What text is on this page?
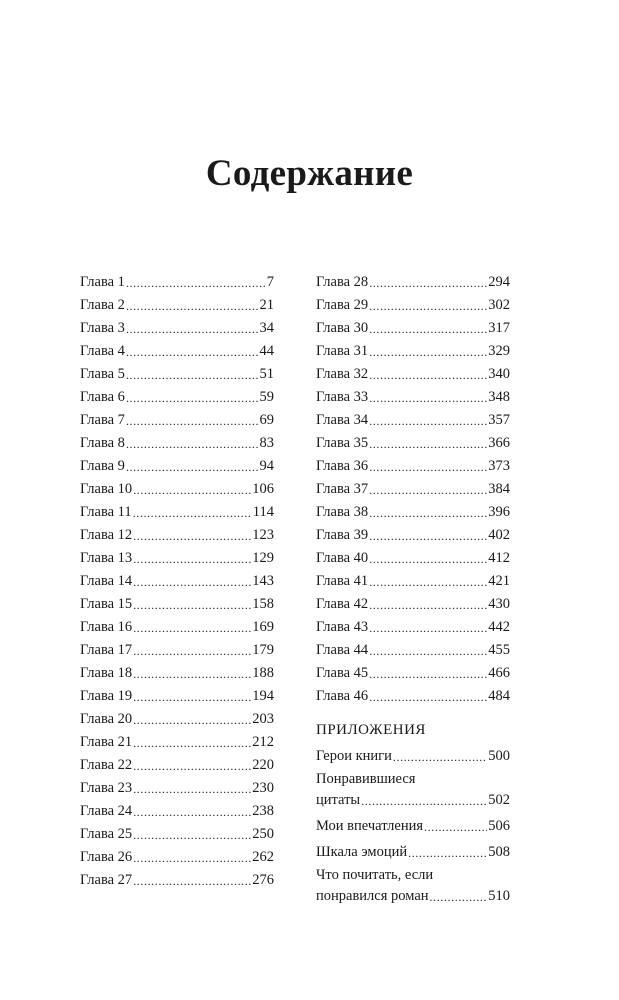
Содержание
Глава 1 .....	7
Глава 2 .....	21
Глава 3 .....	34
Глава 4 .....	44
Глава 5 .....	51
Глава 6 .....	59
Глава 7 .....	69
Глава 8 .....	83
Глава 9 .....	94
Глава 10 .....	106
Глава 11 .....	114
Глава 12 .....	123
Глава 13 .....	129
Глава 14 .....	143
Глава 15 .....	158
Глава 16 .....	169
Глава 17 .....	179
Глава 18 .....	188
Глава 19 .....	194
Глава 20 .....	203
Глава 21 .....	212
Глава 22 .....	220
Глава 23 .....	230
Глава 24 .....	238
Глава 25 .....	250
Глава 26 .....	262
Глава 27 .....	276
Глава 28 .....	294
Глава 29 .....	302
Глава 30 .....	317
Глава 31 .....	329
Глава 32 .....	340
Глава 33 .....	348
Глава 34 .....	357
Глава 35 .....	366
Глава 36 .....	373
Глава 37 .....	384
Глава 38 .....	396
Глава 39 .....	402
Глава 40 .....	412
Глава 41 .....	421
Глава 42 .....	430
Глава 43 .....	442
Глава 44 .....	455
Глава 45 .....	466
Глава 46 .....	484
ПРИЛОЖЕНИЯ
Герои книги .....	500
Понравившиеся
цитаты .....	502
Мои впечатления .....	506
Шкала эмоций .....	508
Что почитать, если
понравился роман .....	510
